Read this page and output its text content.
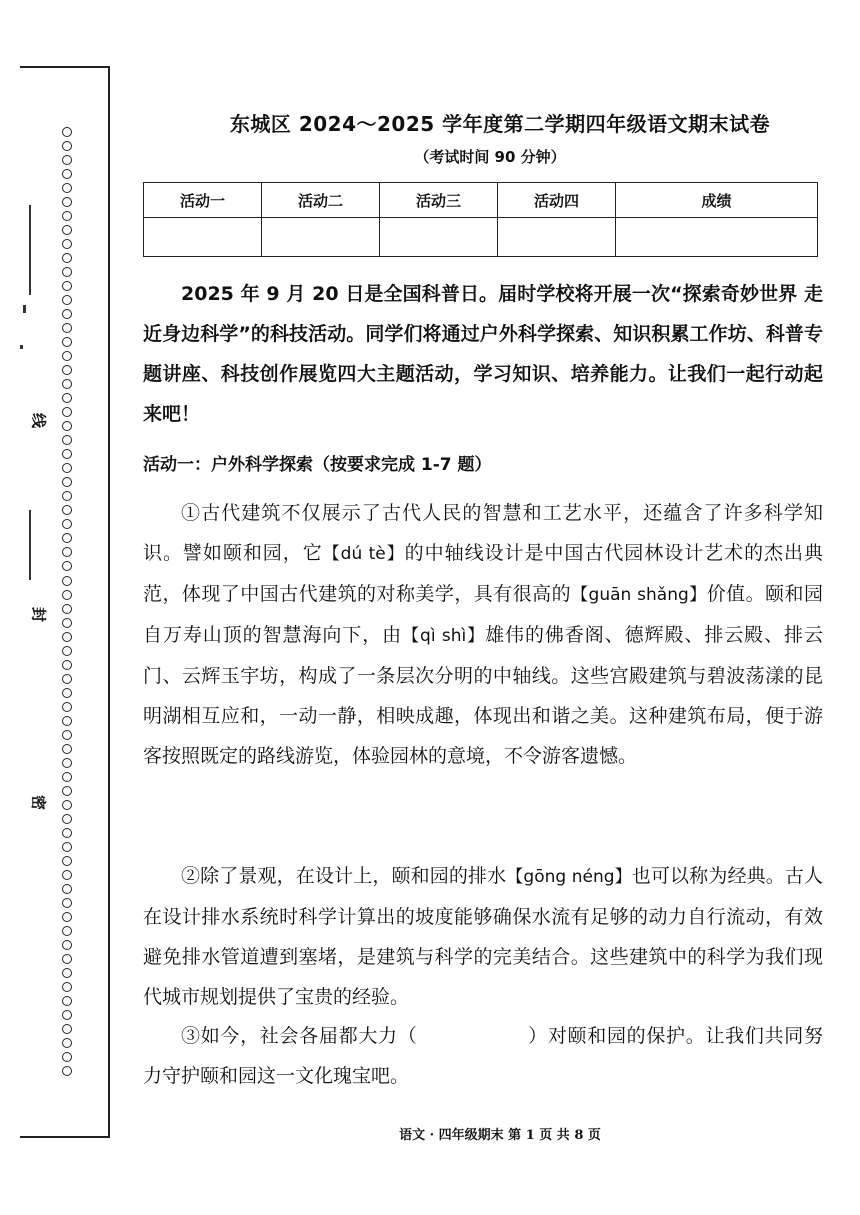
线
封
密
东城区 2024～2025 学年度第二学期四年级语文期末试卷
（考试时间 90 分钟）
活动一	活动二	活动三	活动四	成绩

2025 年 9 月 20 日是全国科普日。届时学校将开展一次“探索奇妙世界 走近身边科学”的科技活动。同学们将通过户外科学探索、知识积累工作坊、科普专题讲座、科技创作展览四大主题活动，学习知识、培养能力。让我们一起行动起来吧！
活动一：户外科学探索（按要求完成 1-7 题）
①古代建筑不仅展示了古代人民的智慧和工艺水平，还蕴含了许多科学知识。譬如颐和园，它【dú tè】的中轴线设计是中国古代园林设计艺术的杰出典范，体现了中国古代建筑的对称美学，具有很高的【guān shǎng】价值。颐和园自万寿山顶的智慧海向下，由【qì shì】雄伟的佛香阁、德辉殿、排云殿、排云门、云辉玉宇坊，构成了一条层次分明的中轴线。这些宫殿建筑与碧波荡漾的昆明湖相互应和，一动一静，相映成趣，体现出和谐之美。这种建筑布局，便于游客按照既定的路线游览，体验园林的意境，不令游客遗憾。
②除了景观，在设计上，颐和园的排水【gōng néng】也可以称为经典。古人在设计排水系统时科学计算出的坡度能够确保水流有足够的动力自行流动，有效避免排水管道遭到塞堵，是建筑与科学的完美结合。这些建筑中的科学为我们现代城市规划提供了宝贵的经验。
③如今，社会各届都大力（	）对颐和园的保护。让我们共同努力守护颐和园这一文化瑰宝吧。
语文 · 四年级期末 第 1 页 共 8 页
